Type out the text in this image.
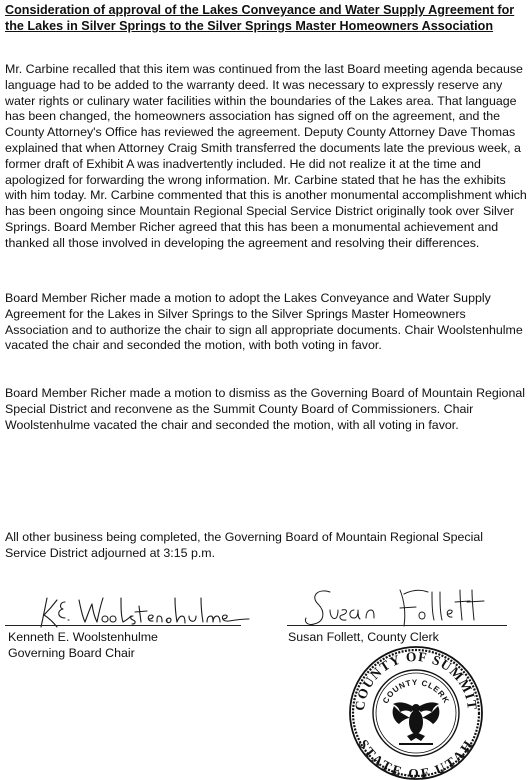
Consideration of approval of the Lakes Conveyance and Water Supply Agreement for the Lakes in Silver Springs to the Silver Springs Master Homeowners Association

Mr. Carbine recalled that this item was continued from the last Board meeting agenda because language had to be added to the warranty deed. It was necessary to expressly reserve any water rights or culinary water facilities within the boundaries of the Lakes area. That language has been changed, the homeowners association has signed off on the agreement, and the County Attorney's Office has reviewed the agreement. Deputy County Attorney Dave Thomas explained that when Attorney Craig Smith transferred the documents late the previous week, a former draft of Exhibit A was inadvertently included. He did not realize it at the time and apologized for forwarding the wrong information. Mr. Carbine stated that he has the exhibits with him today. Mr. Carbine commented that this is another monumental accomplishment which has been ongoing since Mountain Regional Special Service District originally took over Silver Springs. Board Member Richer agreed that this has been a monumental achievement and thanked all those involved in developing the agreement and resolving their differences.

Board Member Richer made a motion to adopt the Lakes Conveyance and Water Supply Agreement for the Lakes in Silver Springs to the Silver Springs Master Homeowners Association and to authorize the chair to sign all appropriate documents. Chair Woolstenhulme vacated the chair and seconded the motion, with both voting in favor.

Board Member Richer made a motion to dismiss as the Governing Board of Mountain Regional Special District and reconvene as the Summit County Board of Commissioners. Chair Woolstenhulme vacated the chair and seconded the motion, with all voting in favor.

All other business being completed, the Governing Board of Mountain Regional Special Service District adjourned at 3:15 p.m.

Kenneth E. Woolstenhulme

Governing Board Chair

Susan Follett, County Clerk

COUNTY OF SUMMIT
STATE OF UTAH
COUNTY CLERK
